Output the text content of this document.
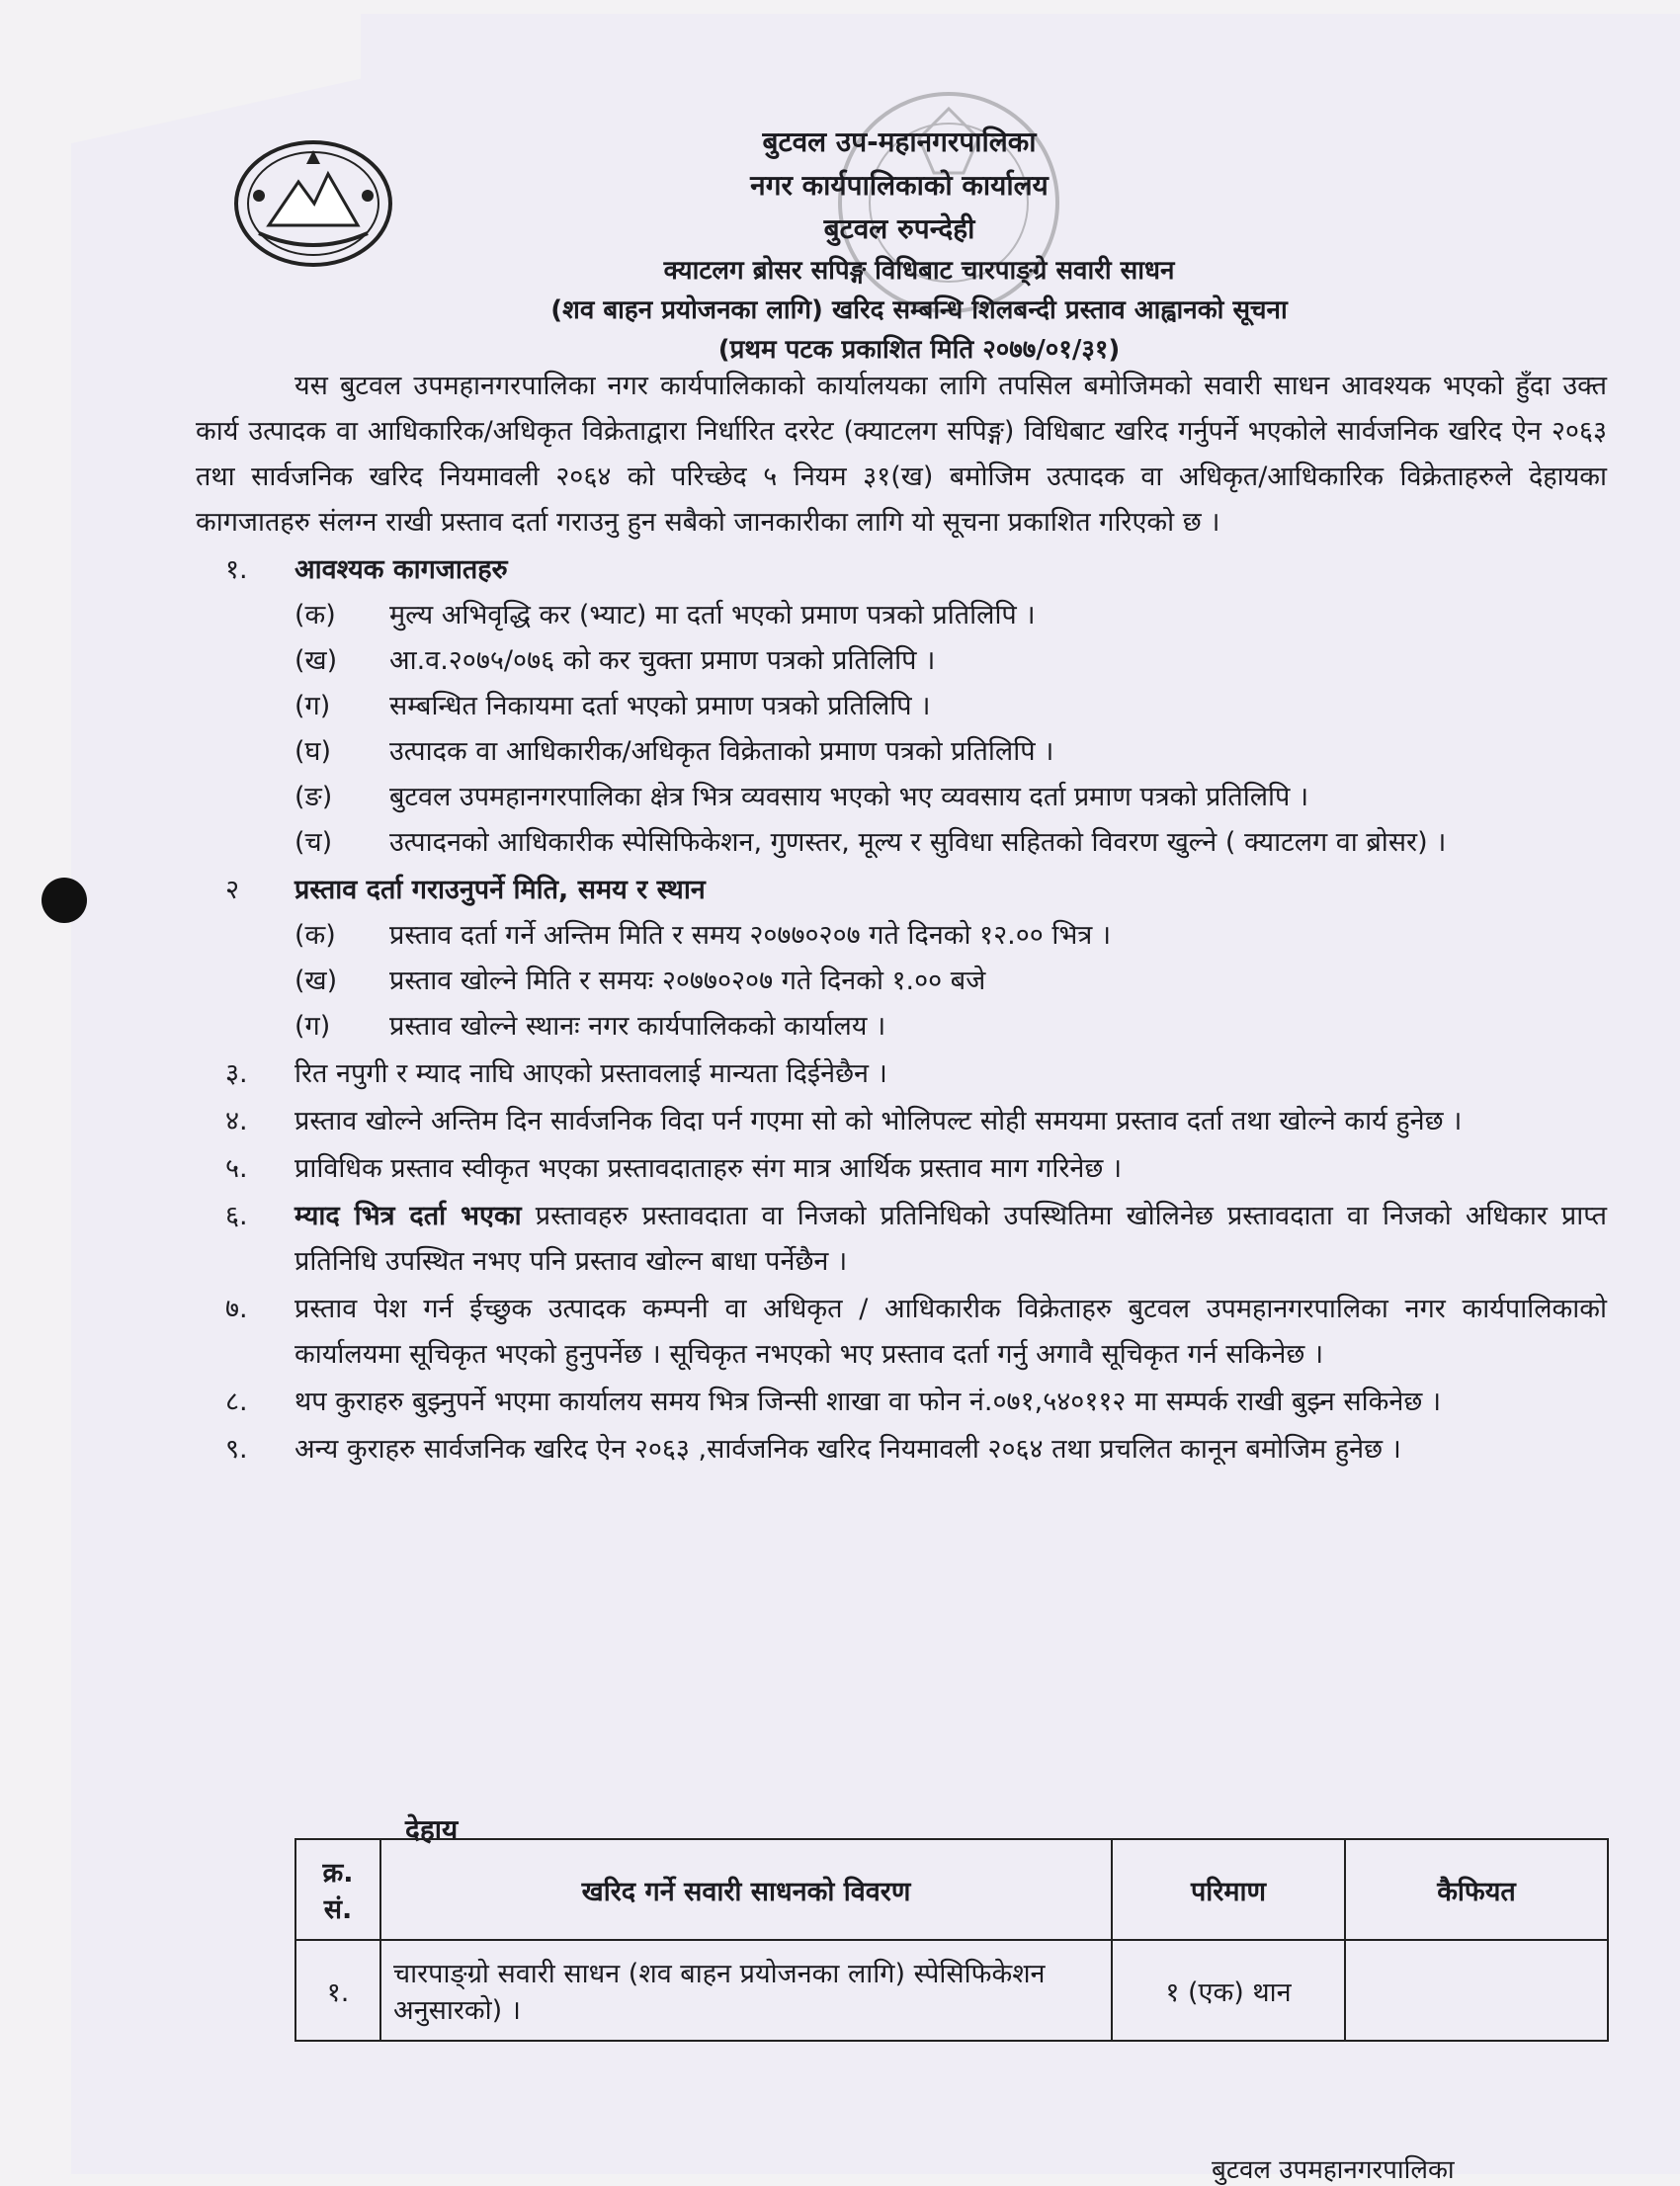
बुटवल उप-महानगरपालिका
नगर कार्यपालिकाको कार्यालय
बुटवल रुपन्देही
क्याटलग ब्रोसर सपिङ्ग विधिबाट चारपाङ्ग्रे सवारी साधन
(शव बाहन प्रयोजनका लागि) खरिद सम्बन्धि शिलबन्दी प्रस्ताव आह्वानको सूचना
(प्रथम पटक प्रकाशित मिति २०७७/०१/३१)

यस बुटवल उपमहानगरपालिका नगर कार्यपालिकाको कार्यालयका लागि तपसिल बमोजिमको सवारी साधन आवश्यक भएको हुँदा उक्त कार्य उत्पादक वा आधिकारिक/अधिकृत विक्रेताद्वारा निर्धारित दररेट (क्याटलग सपिङ्ग) विधिबाट खरिद गर्नुपर्ने भएकोले सार्वजनिक खरिद ऐन २०६३ तथा सार्वजनिक खरिद नियमावली २०६४ को परिच्छेद ५ नियम ३१(ख) बमोजिम उत्पादक वा अधिकृत/आधिकारिक विक्रेताहरुले देहायका कागजातहरु संलग्न राखी प्रस्ताव दर्ता गराउनु हुन सबैको जानकारीका लागि यो सूचना प्रकाशित गरिएको छ ।

१.	आवश्यक कागजातहरु
(क)	मुल्य अभिवृद्धि कर (भ्याट) मा दर्ता भएको प्रमाण पत्रको प्रतिलिपि ।
(ख)	आ.व.२०७५/०७६ को कर चुक्ता प्रमाण पत्रको प्रतिलिपि ।
(ग)	सम्बन्धित निकायमा दर्ता भएको प्रमाण पत्रको प्रतिलिपि ।
(घ)	उत्पादक वा आधिकारीक/अधिकृत विक्रेताको प्रमाण पत्रको प्रतिलिपि ।
(ङ)	बुटवल उपमहानगरपालिका क्षेत्र भित्र व्यवसाय भएको भए व्यवसाय दर्ता प्रमाण पत्रको प्रतिलिपि ।
(च)	उत्पादनको आधिकारीक स्पेसिफिकेशन, गुणस्तर, मूल्य र सुविधा सहितको विवरण खुल्ने ( क्याटलग वा ब्रोसर) ।
२	प्रस्ताव दर्ता गराउनुपर्ने मिति, समय र स्थान
(क)	प्रस्ताव दर्ता गर्ने अन्तिम मिति र समय २०७७०२०७ गते दिनको १२.०० भित्र ।
(ख)	प्रस्ताव खोल्ने मिति र समयः २०७७०२०७ गते दिनको १.०० बजे
(ग)	प्रस्ताव खोल्ने स्थानः नगर कार्यपालिकको कार्यालय ।
३.	रित नपुगी र म्याद नाघि आएको प्रस्तावलाई मान्यता दिईनेछैन ।
४.	प्रस्ताव खोल्ने अन्तिम दिन सार्वजनिक विदा पर्न गएमा सो को भोलिपल्ट सोही समयमा प्रस्ताव दर्ता तथा खोल्ने कार्य हुनेछ ।
५.	प्राविधिक प्रस्ताव स्वीकृत भएका प्रस्तावदाताहरु संग मात्र आर्थिक प्रस्ताव माग गरिनेछ ।
६.	म्याद भित्र दर्ता भएका प्रस्तावहरु प्रस्तावदाता वा निजको प्रतिनिधिको उपस्थितिमा खोलिनेछ प्रस्तावदाता वा निजको अधिकार प्राप्त प्रतिनिधि उपस्थित नभए पनि प्रस्ताव खोल्न बाधा पर्नेछैन ।
७.	प्रस्ताव पेश गर्न ईच्छुक उत्पादक कम्पनी वा अधिकृत / आधिकारीक विक्रेताहरु बुटवल उपमहानगरपालिका नगर कार्यपालिकाको कार्यालयमा सूचिकृत भएको हुनुपर्नेछ । सूचिकृत नभएको भए प्रस्ताव दर्ता गर्नु अगावै सूचिकृत गर्न सकिनेछ ।
८.	थप कुराहरु बुझ्नुपर्ने भएमा कार्यालय समय भित्र जिन्सी शाखा वा फोन नं.०७१,५४०११२ मा सम्पर्क राखी बुझ्न सकिनेछ ।
९.	अन्य कुराहरु सार्वजनिक खरिद ऐन २०६३ ,सार्वजनिक खरिद नियमावली २०६४ तथा प्रचलित कानून बमोजिम हुनेछ ।
देहाय
क्र. सं.	खरिद गर्ने सवारी साधनको विवरण	परिमाण	कैफियत
१.	चारपाङ्ग्रो सवारी साधन (शव बाहन प्रयोजनका लागि) स्पेसिफिकेशन अनुसारको) ।	१ (एक) थान	
बुटवल उपमहानगरपालिका
